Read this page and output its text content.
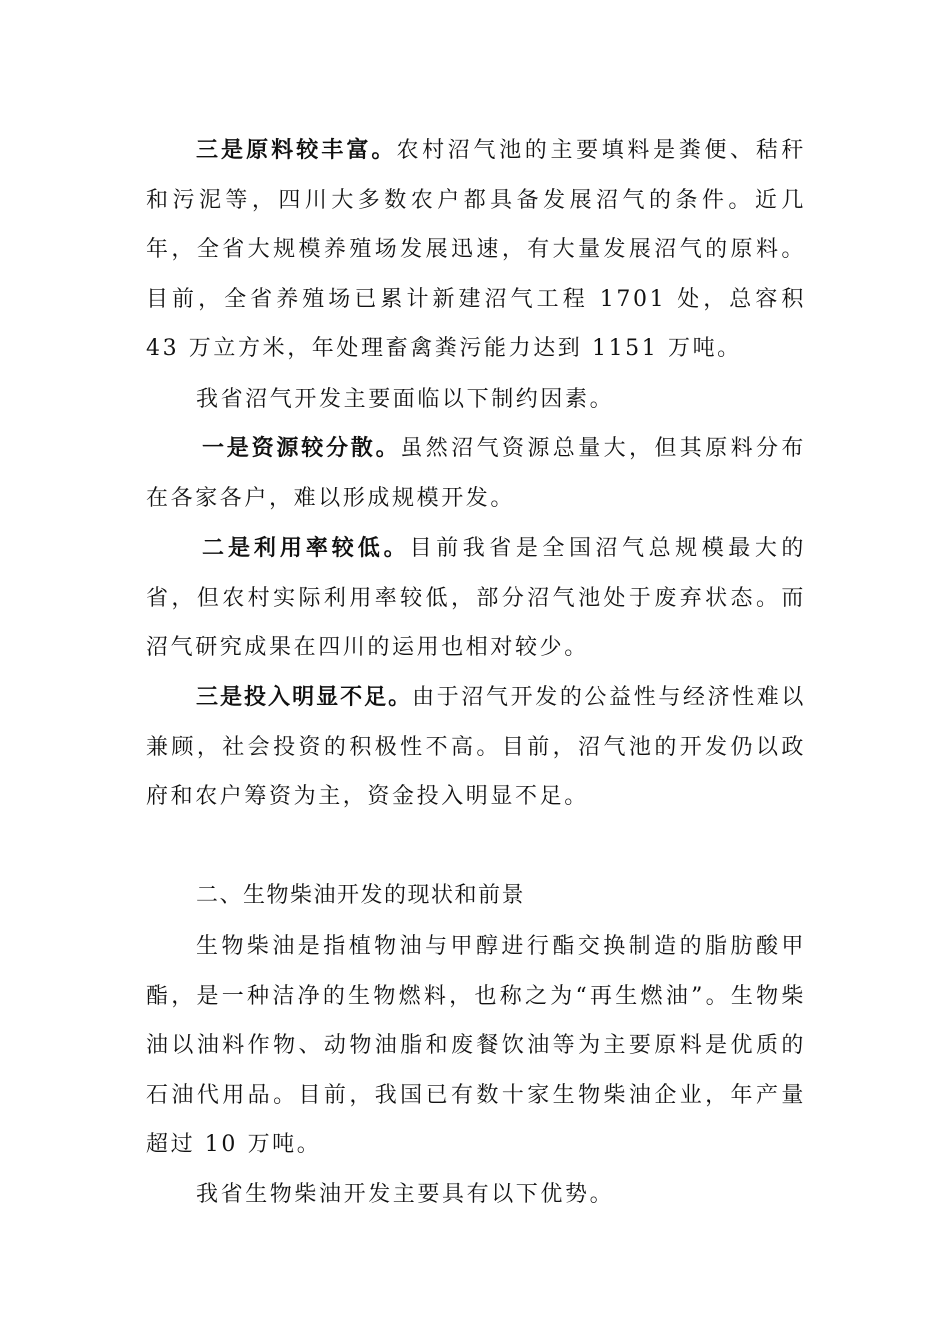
三是原料较丰富。农村沼气池的主要填料是粪便、秸秆和污泥等，四川大多数农户都具备发展沼气的条件。近几年，全省大规模养殖场发展迅速，有大量发展沼气的原料。目前，全省养殖场已累计新建沼气工程 1701 处，总容积 43 万立方米，年处理畜禽粪污能力达到 1151 万吨。

我省沼气开发主要面临以下制约因素。

一是资源较分散。虽然沼气资源总量大，但其原料分布在各家各户，难以形成规模开发。

二是利用率较低。目前我省是全国沼气总规模最大的省，但农村实际利用率较低，部分沼气池处于废弃状态。而沼气研究成果在四川的运用也相对较少。

三是投入明显不足。由于沼气开发的公益性与经济性难以兼顾，社会投资的积极性不高。目前，沼气池的开发仍以政府和农户筹资为主，资金投入明显不足。

二、生物柴油开发的现状和前景

生物柴油是指植物油与甲醇进行酯交换制造的脂肪酸甲酯，是一种洁净的生物燃料，也称之为“再生燃油”。生物柴油以油料作物、动物油脂和废餐饮油等为主要原料是优质的石油代用品。目前，我国已有数十家生物柴油企业，年产量超过 10 万吨。

我省生物柴油开发主要具有以下优势。
